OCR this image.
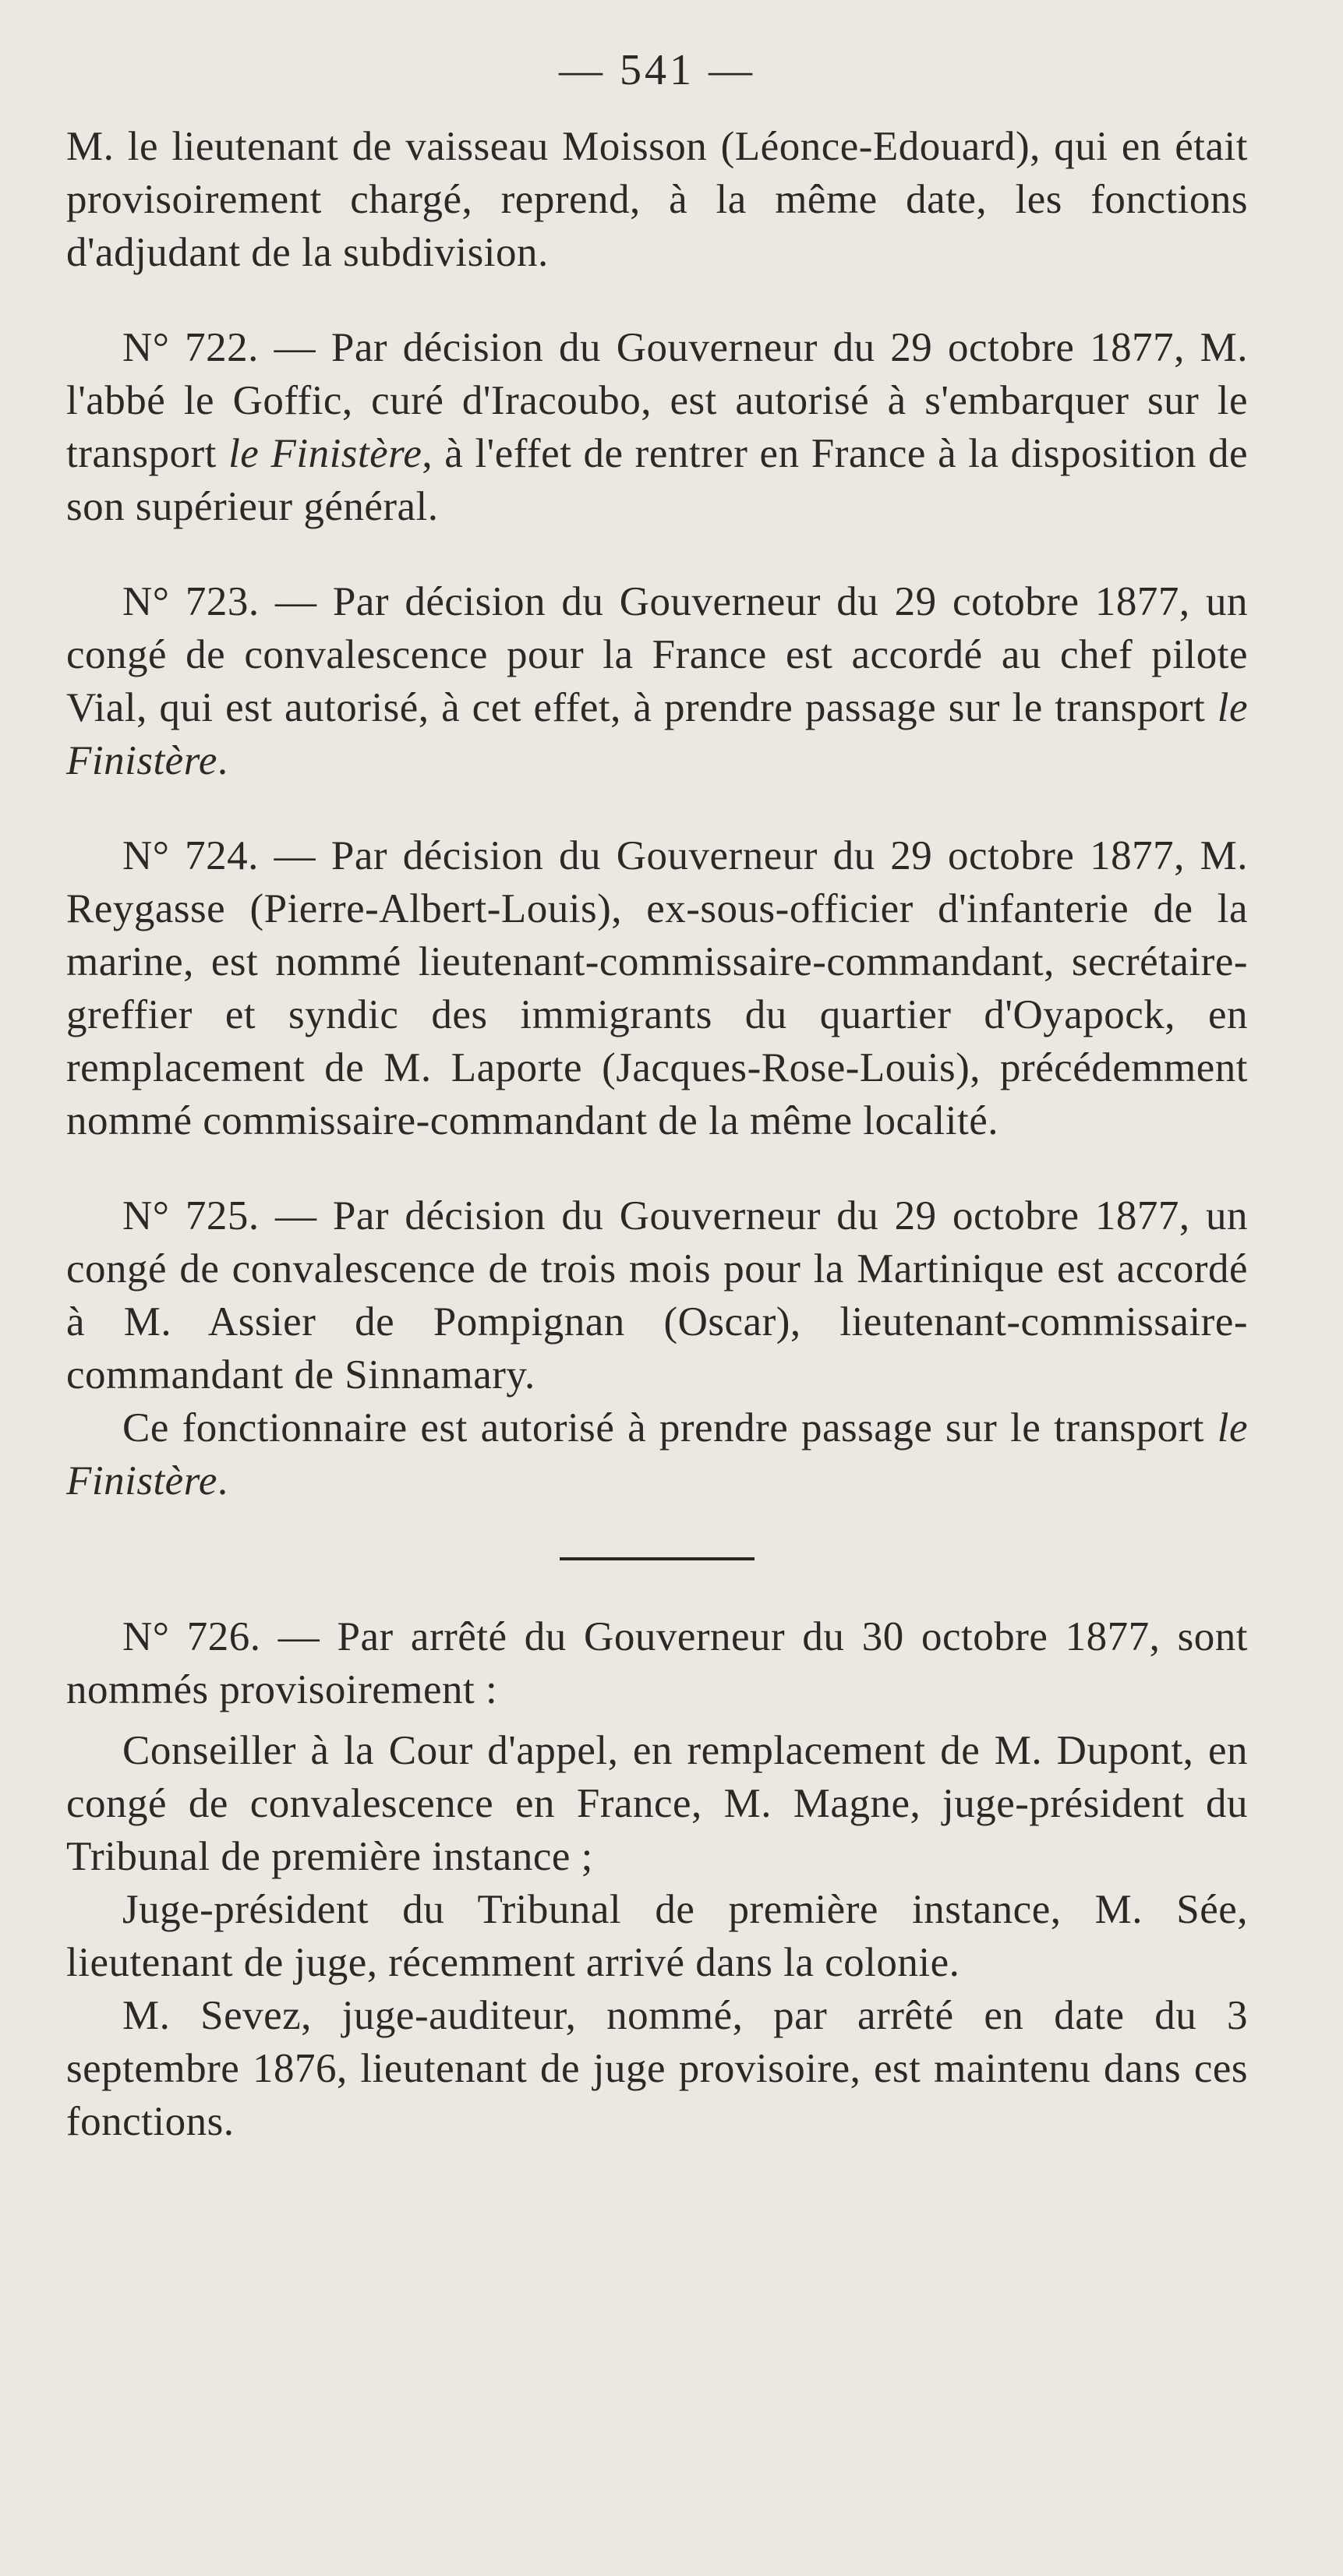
— 541 —

M. le lieutenant de vaisseau Moisson (Léonce-Edouard), qui en était provisoirement chargé, reprend, à la même date, les fonctions d'adjudant de la subdivision.

N° 722. — Par décision du Gouverneur du 29 octobre 1877, M. l'abbé le Goffic, curé d'Iracoubo, est autorisé à s'embarquer sur le transport le Finistère, à l'effet de rentrer en France à la disposition de son supérieur général.

N° 723. — Par décision du Gouverneur du 29 cotobre 1877, un congé de convalescence pour la France est accordé au chef pilote Vial, qui est autorisé, à cet effet, à prendre passage sur le transport le Finistère.

N° 724. — Par décision du Gouverneur du 29 octobre 1877, M. Reygasse (Pierre-Albert-Louis), ex-sous-officier d'infanterie de la marine, est nommé lieutenant-commissaire-commandant, secrétaire-greffier et syndic des immigrants du quartier d'Oyapock, en remplacement de M. Laporte (Jacques-Rose-Louis), précédemment nommé commissaire-commandant de la même localité.

N° 725. — Par décision du Gouverneur du 29 octobre 1877, un congé de convalescence de trois mois pour la Martinique est accordé à M. Assier de Pompignan (Oscar), lieutenant-commissaire-commandant de Sinnamary.

Ce fonctionnaire est autorisé à prendre passage sur le transport le Finistère.

N° 726. — Par arrêté du Gouverneur du 30 octobre 1877, sont nommés provisoirement :

Conseiller à la Cour d'appel, en remplacement de M. Dupont, en congé de convalescence en France, M. Magne, juge-président du Tribunal de première instance ;

Juge-président du Tribunal de première instance, M. Sée, lieutenant de juge, récemment arrivé dans la colonie.

M. Sevez, juge-auditeur, nommé, par arrêté en date du 3 septembre 1876, lieutenant de juge provisoire, est maintenu dans ces fonctions.
